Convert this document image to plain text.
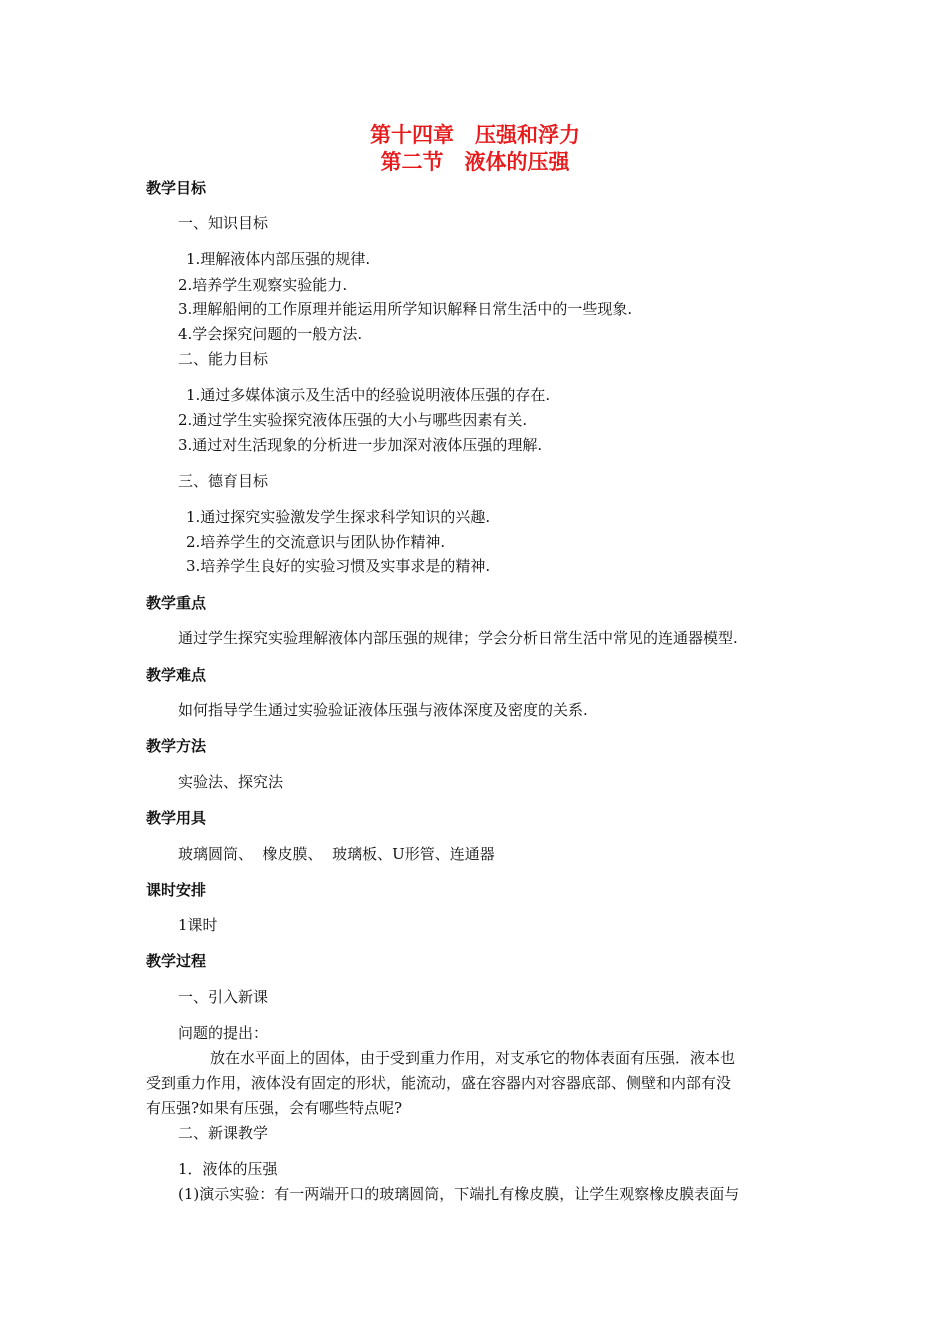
第十四章　压强和浮力
第二节　液体的压强
教学目标
一、知识目标
1.理解液体内部压强的规律.
2.培养学生观察实验能力.
3.理解船闸的工作原理并能运用所学知识解释日常生活中的一些现象.
4.学会探究问题的一般方法.
二、能力目标
1.通过多媒体演示及生活中的经验说明液体压强的存在.
2.通过学生实验探究液体压强的大小与哪些因素有关.
3.通过对生活现象的分析进一步加深对液体压强的理解.
三、德育目标
1.通过探究实验激发学生探求科学知识的兴趣.
2.培养学生的交流意识与团队协作精神.
3.培养学生良好的实验习惯及实事求是的精神.
教学重点
通过学生探究实验理解液体内部压强的规律；学会分析日常生活中常见的连通器模型.
教学难点
如何指导学生通过实验验证液体压强与液体深度及密度的关系.
教学方法
实验法、探究法
教学用具
玻璃圆筒、  橡皮膜、  玻璃板、U形管、连通器
课时安排
1课时
教学过程
一、引入新课
问题的提出：
放在水平面上的固体，由于受到重力作用，对支承它的物体表面有压强．液本也
受到重力作用，液体没有固定的形状，能流动，盛在容器内对容器底部、侧壁和内部有没
有压强?如果有压强，会有哪些特点呢?
二、新课教学
1．液体的压强
(1)演示实验：有一两端开口的玻璃圆筒，下端扎有橡皮膜，让学生观察橡皮膜表面与
